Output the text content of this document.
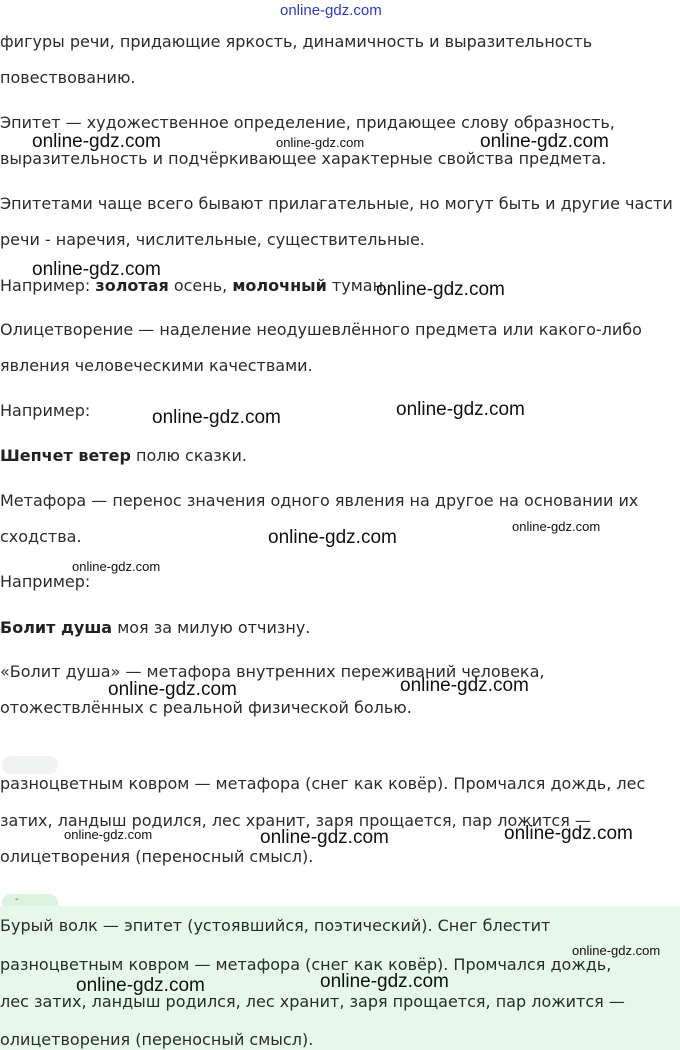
фигуры речи, придающие яркость, динамичность и выразительность
повествованию.
Эпитет — художественное определение, придающее слову образность,
выразительность и подчёркивающее характерные свойства предмета.
Эпитетами чаще всего бывают прилагательные, но могут быть и другие части
речи - наречия, числительные, существительные.
Например: золотая осень, молочный туман.
Олицетворение — наделение неодушевлённого предмета или какого-либо
явления человеческими качествами.
Например:
Шепчет ветер полю сказки.
Метафора — перенос значения одного явления на другое на основании их
сходства.
Например:
Болит душа моя за милую отчизну.
«Болит душа» — метафора внутренних переживаний человека,
отожествлённых с реальной физической болью.
разноцветным ковром — метафора (снег как ковёр). Промчался дождь, лес
затих, ландыш родился, лес хранит, заря прощается, пар ложится —
олицетворения (переносный смысл).
-
Бурый волк — эпитет (устоявшийся, поэтический). Снег блестит
разноцветным ковром — метафора (снег как ковёр). Промчался дождь,
лес затих, ландыш родился, лес хранит, заря прощается, пар ложится —
олицетворения (переносный смысл).
online-gdz.com
online-gdz.com	online-gdz.com	online-gdz.com
online-gdz.com
online-gdz.com
online-gdz.com	online-gdz.com
online-gdz.com
online-gdz.com
online-gdz.com
online-gdz.com	online-gdz.com
online-gdz.com	online-gdz.com	online-gdz.com
online-gdz.com
online-gdz.com	online-gdz.com
